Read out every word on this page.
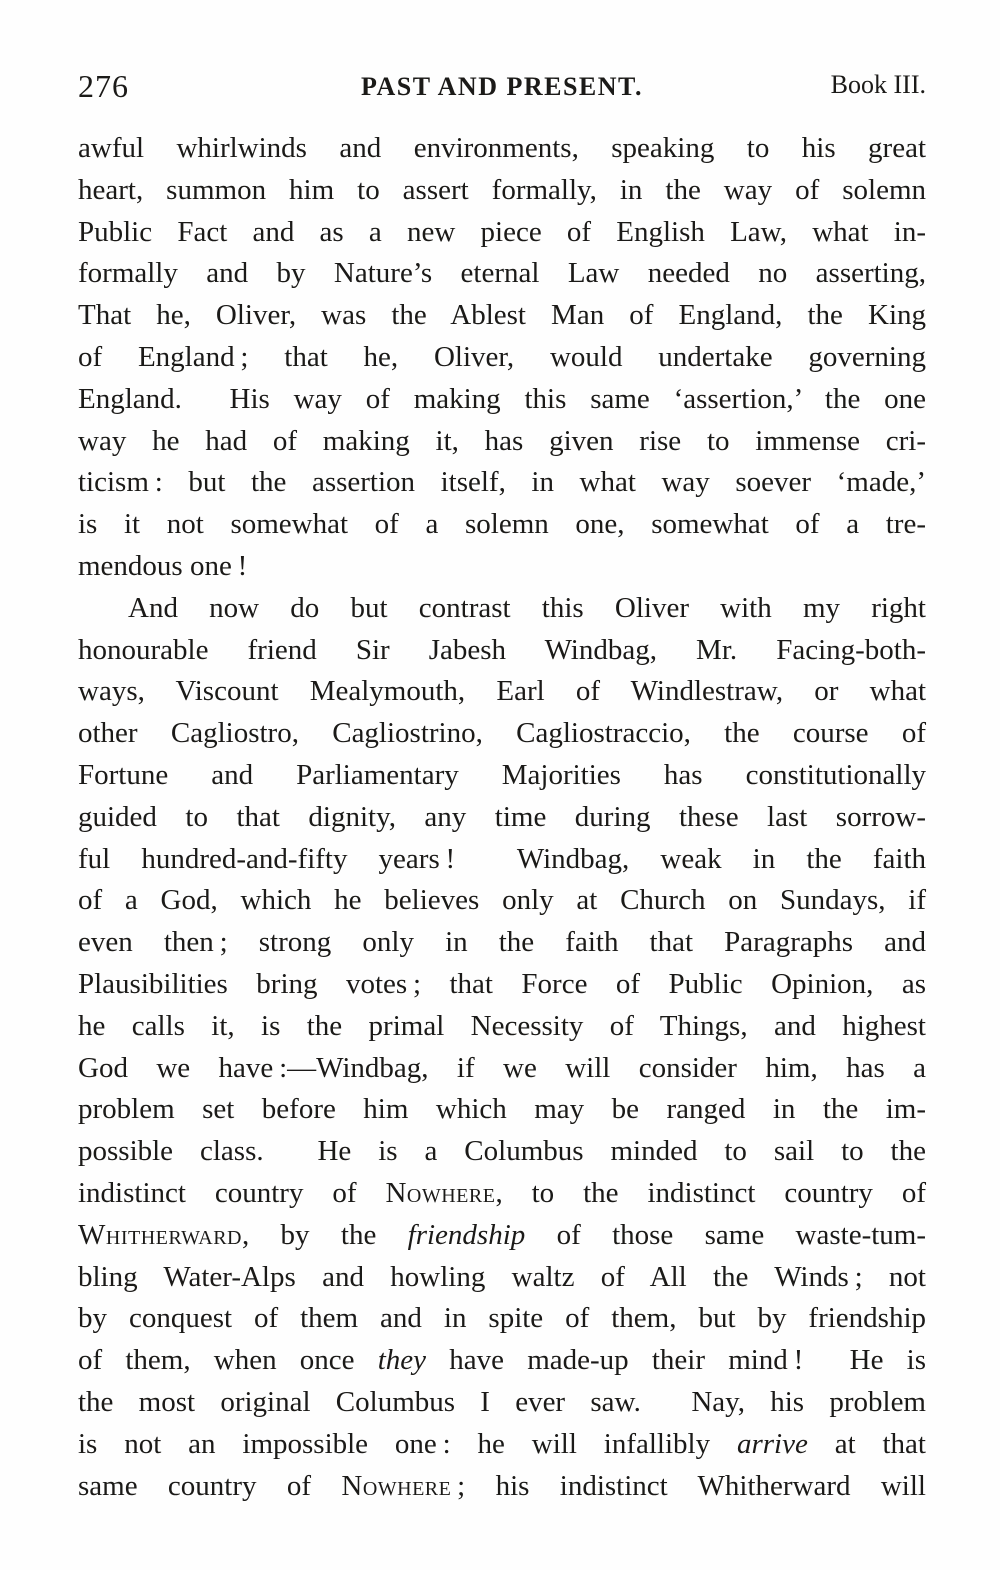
276	PAST AND PRESENT.	Book III.
awful whirlwinds and environments, speaking to his great
heart, summon him to assert formally, in the way of solemn
Public Fact and as a new piece of English Law, what in-
formally and by Nature’s eternal Law needed no asserting,
That he, Oliver, was the Ablest Man of England, the King
of England ; that he, Oliver, would undertake governing
England.  His way of making this same ‘assertion,’ the one
way he had of making it, has given rise to immense cri-
ticism : but the assertion itself, in what way soever ‘made,’
is it not somewhat of a solemn one, somewhat of a tre-
mendous one !
And now do but contrast this Oliver with my right
honourable friend Sir Jabesh Windbag, Mr. Facing-both-
ways, Viscount Mealymouth, Earl of Windlestraw, or what
other Cagliostro, Cagliostrino, Cagliostraccio, the course of
Fortune and Parliamentary Majorities has constitutionally
guided to that dignity, any time during these last sorrow-
ful hundred-and-fifty years !  Windbag, weak in the faith
of a God, which he believes only at Church on Sundays, if
even then ; strong only in the faith that Paragraphs and
Plausibilities bring votes ; that Force of Public Opinion, as
he calls it, is the primal Necessity of Things, and highest
God we have :—Windbag, if we will consider him, has a
problem set before him which may be ranged in the im-
possible class.  He is a Columbus minded to sail to the
indistinct country of Nowhere, to the indistinct country of
Whitherward, by the friendship of those same waste-tum-
bling Water-Alps and howling waltz of All the Winds ; not
by conquest of them and in spite of them, but by friendship
of them, when once they have made-up their mind !  He is
the most original Columbus I ever saw.  Nay, his problem
is not an impossible one : he will infallibly arrive at that
same country of Nowhere ; his indistinct Whitherward will
